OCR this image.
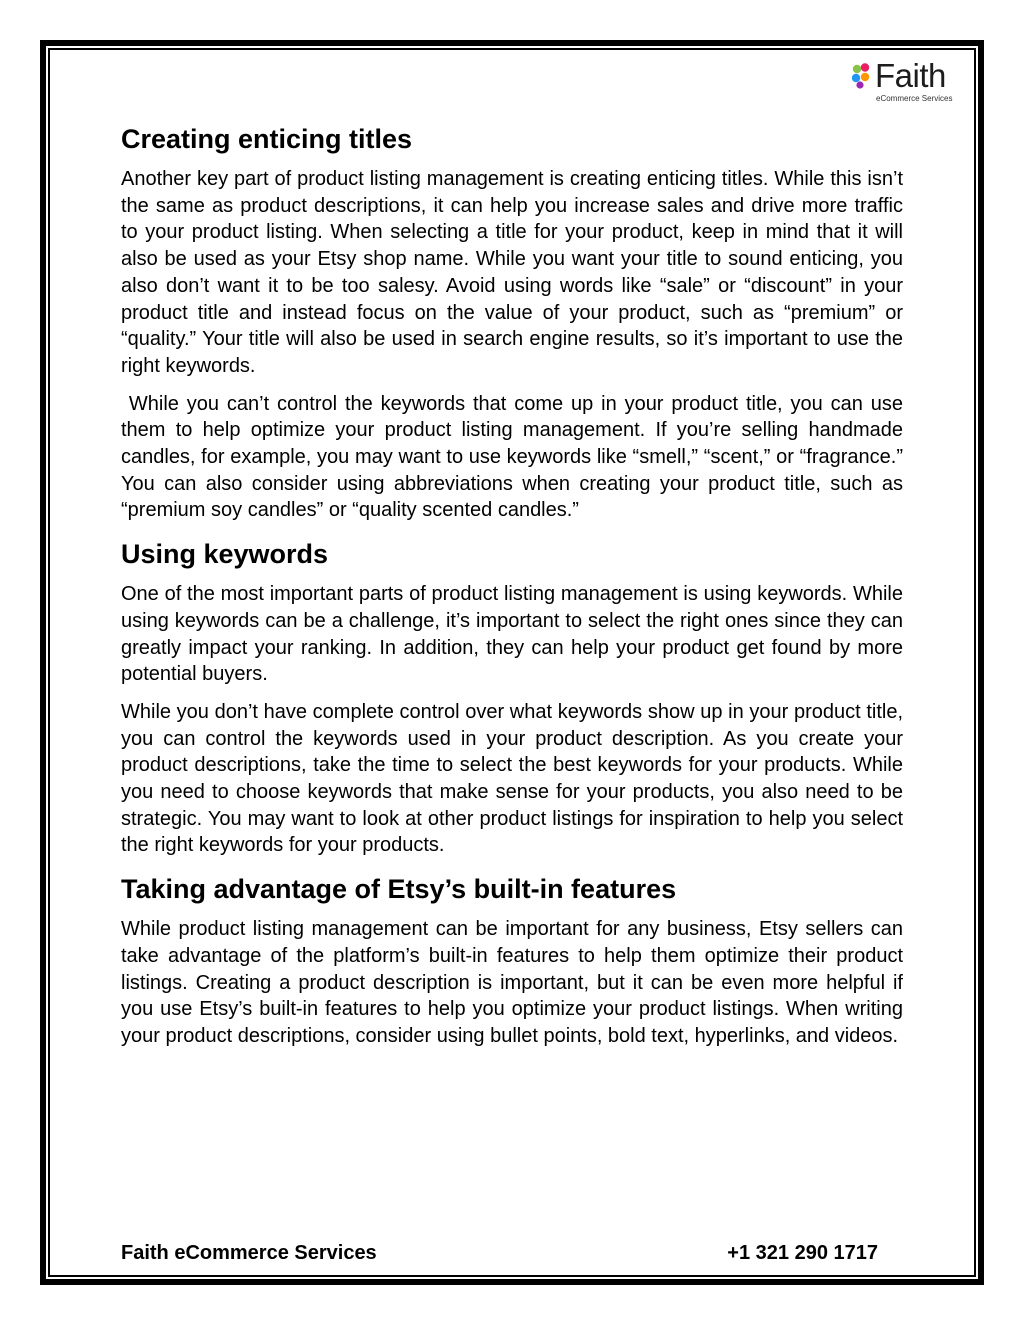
Faith
eCommerce Services
Creating enticing titles

Another key part of product listing management is creating enticing titles. While this isn’t the same as product descriptions, it can help you increase sales and drive more traffic to your product listing. When selecting a title for your product, keep in mind that it will also be used as your Etsy shop name. While you want your title to sound enticing, you also don’t want it to be too salesy. Avoid using words like “sale” or “discount” in your product title and instead focus on the value of your product, such as “premium” or “quality.” Your title will also be used in search engine results, so it’s important to use the right keywords.

While you can’t control the keywords that come up in your product title, you can use them to help optimize your product listing management. If you’re selling handmade candles, for example, you may want to use keywords like “smell,” “scent,” or “fragrance.” You can also consider using abbreviations when creating your product title, such as “premium soy candles” or “quality scented candles.”

Using keywords

One of the most important parts of product listing management is using keywords. While using keywords can be a challenge, it’s important to select the right ones since they can greatly impact your ranking. In addition, they can help your product get found by more potential buyers.

While you don’t have complete control over what keywords show up in your product title, you can control the keywords used in your product description. As you create your product descriptions, take the time to select the best keywords for your products. While you need to choose keywords that make sense for your products, you also need to be strategic. You may want to look at other product listings for inspiration to help you select the right keywords for your products.

Taking advantage of Etsy’s built-in features

While product listing management can be important for any business, Etsy sellers can take advantage of the platform’s built-in features to help them optimize their product listings. Creating a product description is important, but it can be even more helpful if you use Etsy’s built-in features to help you optimize your product listings. When writing your product descriptions, consider using bullet points, bold text, hyperlinks, and videos.

Faith eCommerce Services	+1 321 290 1717
